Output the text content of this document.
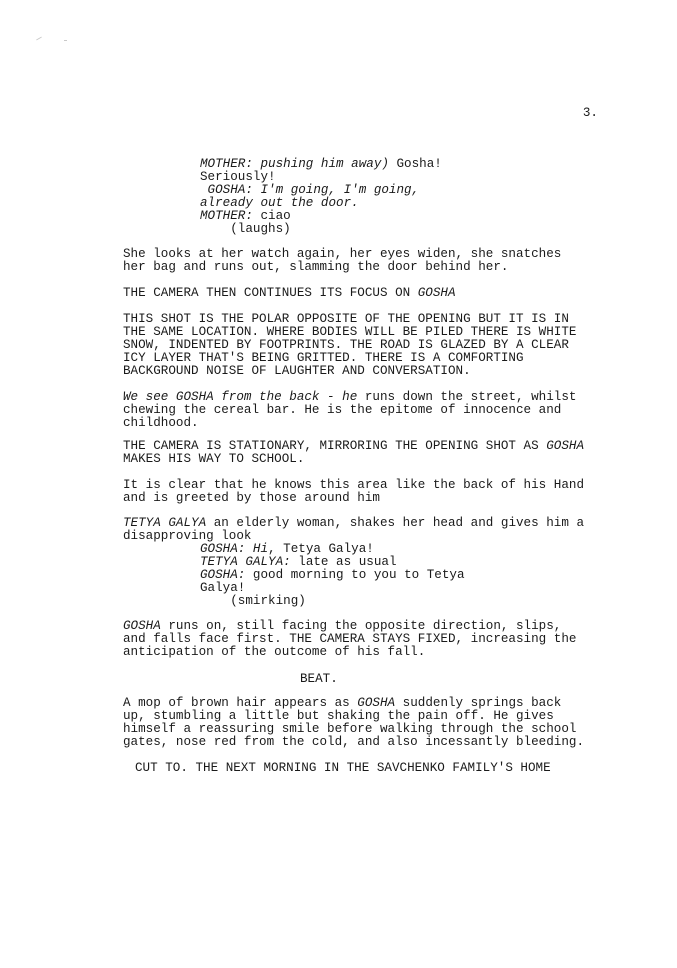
3.
MOTHER: pushing him away) Gosha!
Seriously!
GOSHA: I'm going, I'm going,
already out the door.
MOTHER: ciao
(laughs)
She looks at her watch again, her eyes widen, she snatches
her bag and runs out, slamming the door behind her.
THE CAMERA THEN CONTINUES ITS FOCUS ON GOSHA
THIS SHOT IS THE POLAR OPPOSITE OF THE OPENING BUT IT IS IN
THE SAME LOCATION. WHERE BODIES WILL BE PILED THERE IS WHITE
SNOW, INDENTED BY FOOTPRINTS. THE ROAD IS GLAZED BY A CLEAR
ICY LAYER THAT'S BEING GRITTED. THERE IS A COMFORTING
BACKGROUND NOISE OF LAUGHTER AND CONVERSATION.
We see GOSHA from the back - he runs down the street, whilst
chewing the cereal bar. He is the epitome of innocence and
childhood.
THE CAMERA IS STATIONARY, MIRRORING THE OPENING SHOT AS GOSHA
MAKES HIS WAY TO SCHOOL.
It is clear that he knows this area like the back of his Hand
and is greeted by those around him
TETYA GALYA an elderly woman, shakes her head and gives him a
disapproving look
GOSHA: Hi, Tetya Galya!
TETYA GALYA: late as usual
GOSHA: good morning to you to Tetya
Galya!
(smirking)
GOSHA runs on, still facing the opposite direction, slips,
and falls face first. THE CAMERA STAYS FIXED, increasing the
anticipation of the outcome of his fall.
BEAT.
A mop of brown hair appears as GOSHA suddenly springs back
up, stumbling a little but shaking the pain off. He gives
himself a reassuring smile before walking through the school
gates, nose red from the cold, and also incessantly bleeding.
CUT TO. THE NEXT MORNING IN THE SAVCHENKO FAMILY'S HOME
